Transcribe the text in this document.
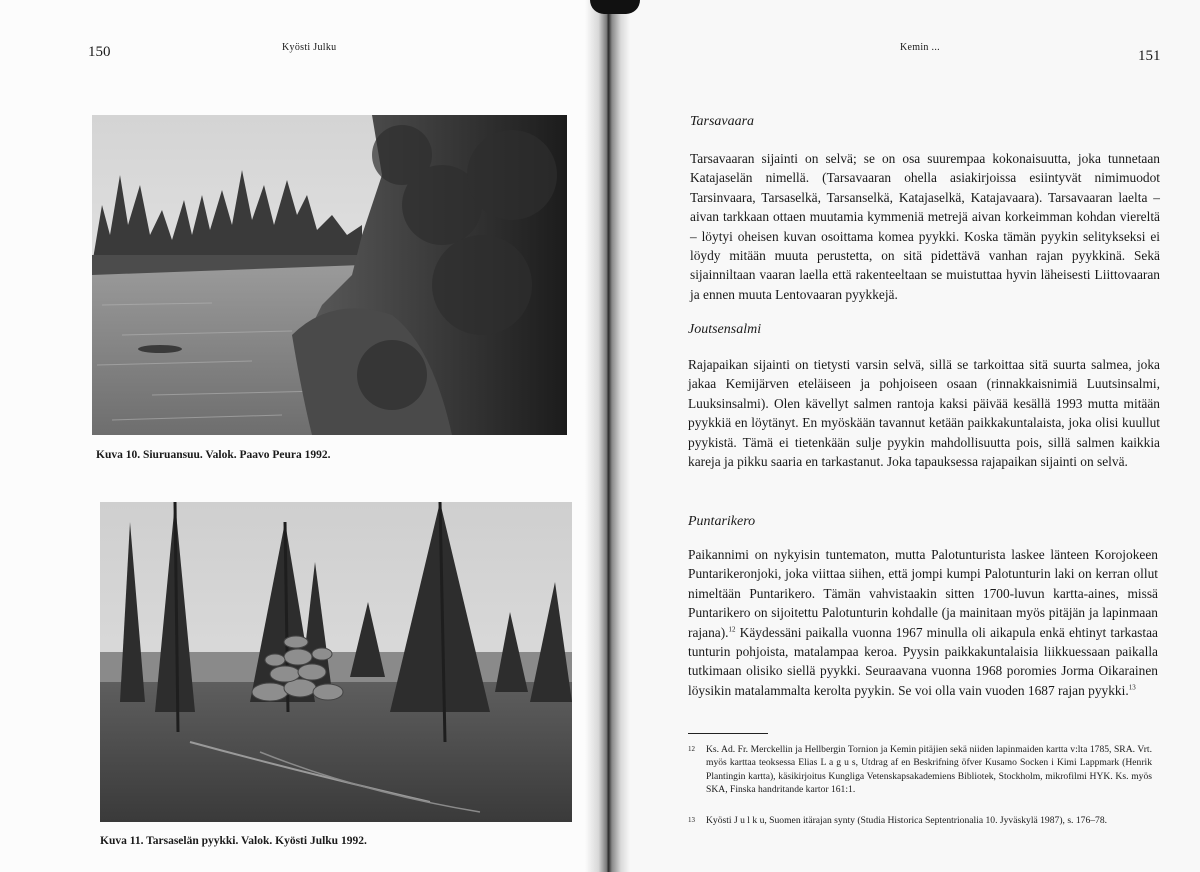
150	Kyösti Julku
Kuva 10. Siuruansuu. Valok. Paavo Peura 1992.
Kuva 11. Tarsaselän pyykki. Valok. Kyösti Julku 1992.
Kemin ...
151
Tarsavaara

Tarsavaaran sijainti on selvä; se on osa suurempaa kokonaisuutta, joka tunnetaan Katajaselän nimellä. (Tarsavaaran ohella asiakirjoissa esiintyvät nimimuodot Tarsinvaara, Tarsaselkä, Tarsanselkä, Katajaselkä, Katajavaara). Tarsavaaran laelta – aivan tarkkaan ottaen muutamia kymmeniä metrejä aivan korkeimman kohdan viereltä – löytyi oheisen kuvan osoittama komea pyykki. Koska tämän pyykin selitykseksi ei löydy mitään muuta perustetta, on sitä pidettävä vanhan rajan pyykkinä. Sekä sijainniltaan vaaran laella että rakenteeltaan se muistuttaa hyvin läheisesti Liittovaaran ja ennen muuta Lentovaaran pyykkejä.

Joutsensalmi

Rajapaikan sijainti on tietysti varsin selvä, sillä se tarkoittaa sitä suurta salmea, joka jakaa Kemijärven eteläiseen ja pohjoiseen osaan (rinnakkaisnimiä Luutsinsalmi, Luuksinsalmi). Olen kävellyt salmen rantoja kaksi päivää kesällä 1993 mutta mitään pyykkiä en löytänyt. En myöskään tavannut ketään paikkakuntalaista, joka olisi kuullut pyykistä. Tämä ei tietenkään sulje pyykin mahdollisuutta pois, sillä salmen kaikkia kareja ja pikku saaria en tarkastanut. Joka tapauksessa rajapaikan sijainti on selvä.

Puntarikero

Paikannimi on nykyisin tuntematon, mutta Palotunturista laskee länteen Korojokeen Puntarikeronjoki, joka viittaa siihen, että jompi kumpi Palotunturin laki on kerran ollut nimeltään Puntarikero. Tämän vahvistaakin sitten 1700-luvun kartta-aines, missä Puntarikero on sijoitettu Palotunturin kohdalle (ja mainitaan myös pitäjän ja lapinmaan rajana).$^{12}$ Käydessäni paikalla vuonna 1967 minulla oli aikapula enkä ehtinyt tarkastaa tunturin pohjoista, matalampaa keroa. Pyysin paikkakuntalaisia liikkuessaan paikalla tutkimaan olisiko siellä pyykki. Seuraavana vuonna 1968 poromies Jorma Oikarainen löysikin matalammalta kerolta pyykin. Se voi olla vain vuoden 1687 rajan pyykki.$^{13}$

12 Ks. Ad. Fr. Merckellin ja Hellbergin Tornion ja Kemin pitäjien sekä niiden lapinmaiden kartta v:lta 1785, SRA. Vrt. myös karttaa teoksessa Elias L a g u s, Utdrag af en Beskrifning öfver Kusamo Socken i Kimi Lappmark (Henrik Plantingin kartta), käsikirjoitus Kungliga Vetenskapsakademiens Bibliotek, Stockholm, mikrofilmi HYK. Ks. myös SKA, Finska handritande kartor 161:1.
13 Kyösti J u l k u, Suomen itärajan synty (Studia Historica Septentrionalia 10. Jyväskylä 1987), s. 176–78.
